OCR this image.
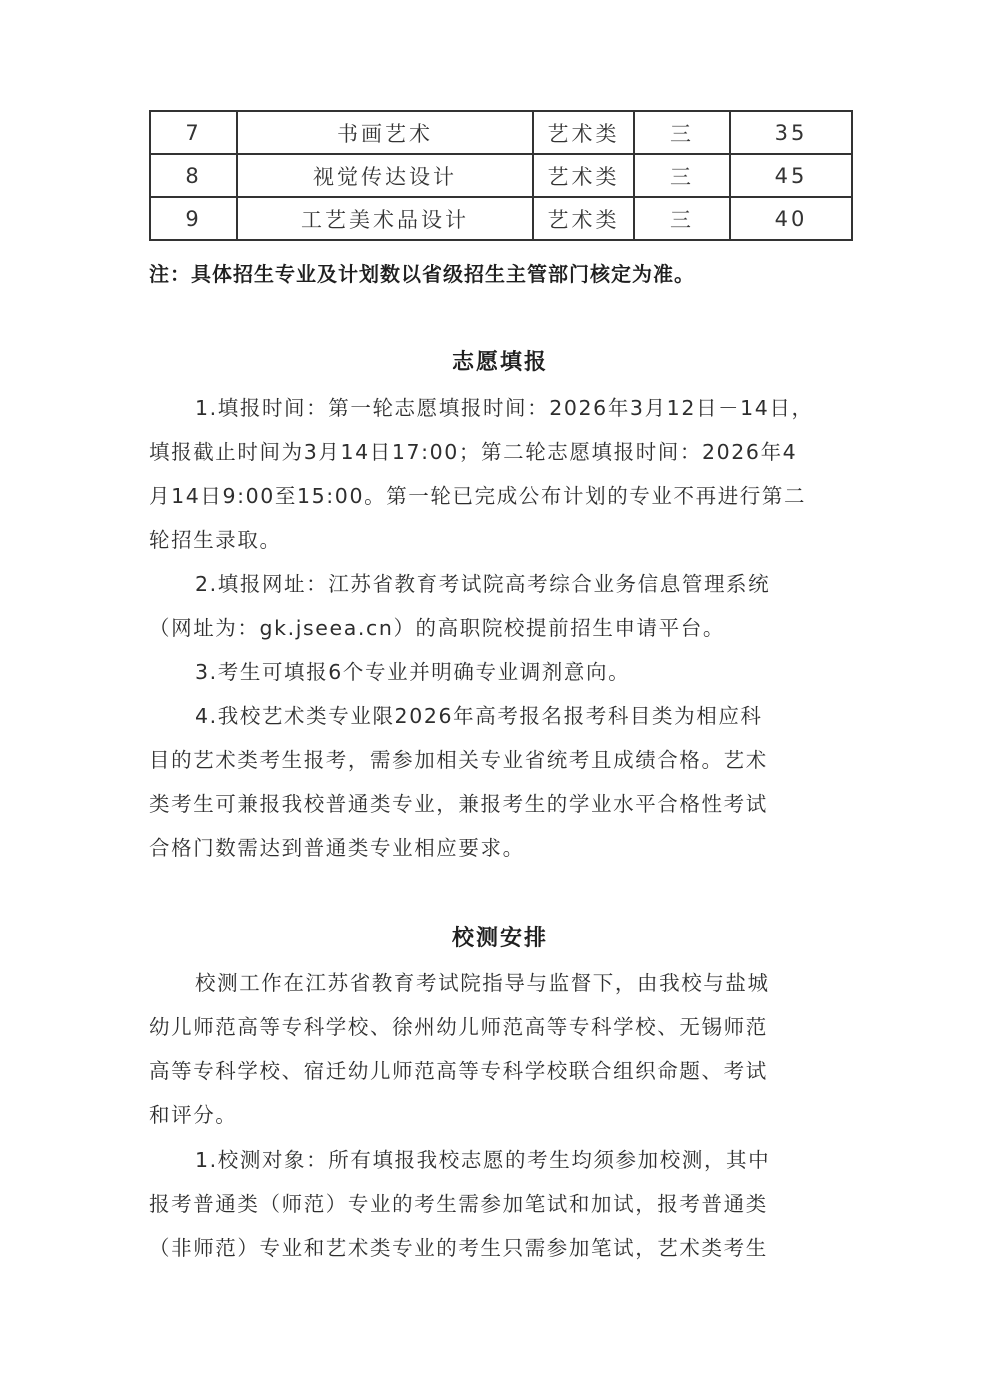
7	书画艺术	艺术类	三	35
8	视觉传达设计	艺术类	三	45
9	工艺美术品设计	艺术类	三	40
注：具体招生专业及计划数以省级招生主管部门核定为准。
志愿填报
1.填报时间：第一轮志愿填报时间：2026年3月12日－14日，
填报截止时间为3月14日17:00；第二轮志愿填报时间：2026年4
月14日9:00至15:00。第一轮已完成公布计划的专业不再进行第二
轮招生录取。
2.填报网址：江苏省教育考试院高考综合业务信息管理系统
（网址为：gk.jseea.cn）的高职院校提前招生申请平台。
3.考生可填报6个专业并明确专业调剂意向。
4.我校艺术类专业限2026年高考报名报考科目类为相应科
目的艺术类考生报考，需参加相关专业省统考且成绩合格。艺术
类考生可兼报我校普通类专业，兼报考生的学业水平合格性考试
合格门数需达到普通类专业相应要求。
校测安排
校测工作在江苏省教育考试院指导与监督下，由我校与盐城
幼儿师范高等专科学校、徐州幼儿师范高等专科学校、无锡师范
高等专科学校、宿迁幼儿师范高等专科学校联合组织命题、考试
和评分。
1.校测对象：所有填报我校志愿的考生均须参加校测，其中
报考普通类（师范）专业的考生需参加笔试和加试，报考普通类
（非师范）专业和艺术类专业的考生只需参加笔试，艺术类考生
